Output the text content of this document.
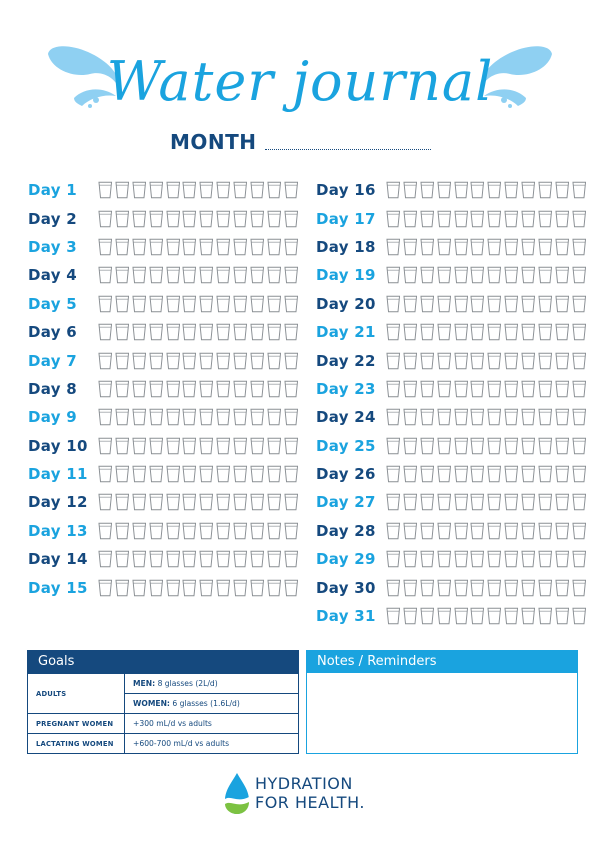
Water journal
MONTH
Day 1
Day 2
Day 3
Day 4
Day 5
Day 6
Day 7
Day 8
Day 9
Day 10
Day 11
Day 12
Day 13
Day 14
Day 15
Day 16
Day 17
Day 18
Day 19
Day 20
Day 21
Day 22
Day 23
Day 24
Day 25
Day 26
Day 27
Day 28
Day 29
Day 30
Day 31
Goals
ADULTS	MEN: 8 glasses (2L/d)
	WOMEN: 6 glasses (1.6L/d)
PREGNANT WOMEN	+300 mL/d vs adults
LACTATING WOMEN	+600-700 mL/d vs adults
Notes / Reminders
HYDRATION
FOR HEALTH.
